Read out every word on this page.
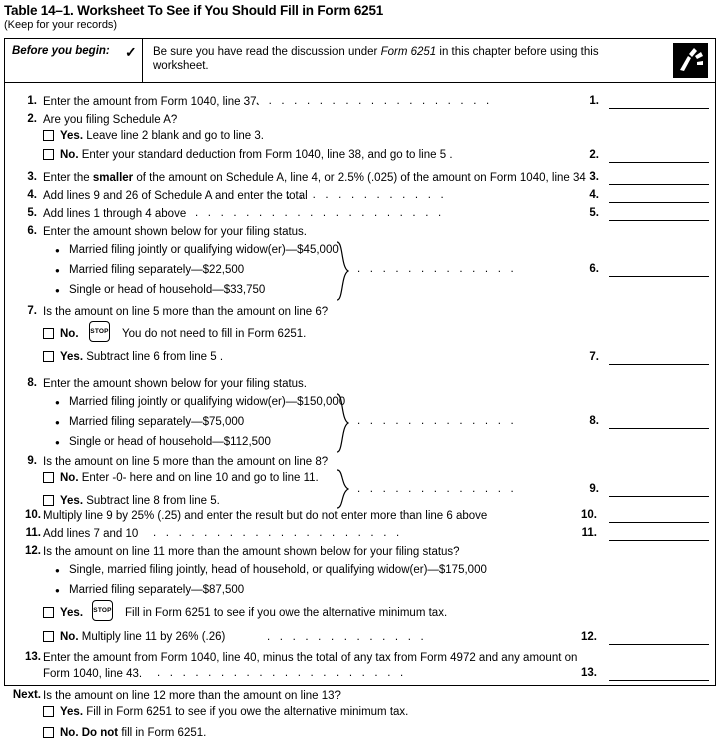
Table 14–1. Worksheet To See if You Should Fill in Form 6251
(Keep for your records)
Before you begin: ✓ Be sure you have read the discussion under Form 6251 in this chapter before using this worksheet.
1. Enter the amount from Form 1040, line 37.
. . . . . . . . . . . . . . . . . . . .	1.
2. Are you filing Schedule A?
Yes. Leave line 2 blank and go to line 3.
No. Enter your standard deduction from Form 1040, line 38, and go to line 5 .	2.
3. Enter the smaller of the amount on Schedule A, line 4, or 2.5% (.025) of the amount on Form 1040, line 34 3.
4. Add lines 9 and 26 of Schedule A and enter the total
. . . . . . . . . . . . .	4.
5. Add lines 1 through 4 above . . . . . . . . . . . . . . . . . . . .	5.
6. Enter the amount shown below for your filing status.
● Married filing jointly or qualifying widow(er)—$45,000
● Married filing separately—$22,500
● Single or head of household—$33,750
. . . . . . . . . . . . .	6.
7. Is the amount on line 5 more than the amount on line 6?
No. STOP You do not need to fill in Form 6251.
Yes. Subtract line 6 from line 5 .	7.
8. Enter the amount shown below for your filing status.
● Married filing jointly or qualifying widow(er)—$150,000
● Married filing separately—$75,000
● Single or head of household—$112,500
. . . . . . . . . . . . .	8.
9. Is the amount on line 5 more than the amount on line 8?
No. Enter -0- here and on line 10 and go to line 11.
Yes. Subtract line 8 from line 5.
. . . . . . . . . . . . .	9.
10. Multiply line 9 by 25% (.25) and enter the result but do not enter more than line 6 above	10.
11. Add lines 7 and 10 . . . . . . . . . . . . . . . . . . . .	11.
12. Is the amount on line 11 more than the amount shown below for your filing status?
● Single, married filing jointly, head of household, or qualifying widow(er)—$175,000
● Married filing separately—$87,500
Yes. STOP Fill in Form 6251 to see if you owe the alternative minimum tax.
No. Multiply line 11 by 26% (.26)	. . . . . . . . . . . . .	12.
13. Enter the amount from Form 1040, line 40, minus the total of any tax from Form 4972 and any amount on
Form 1040, line 43. . . . . . . . . . . . . . . . . . . . .	13.
Next. Is the amount on line 12 more than the amount on line 13?
Yes. Fill in Form 6251 to see if you owe the alternative minimum tax.
No. Do not fill in Form 6251.
